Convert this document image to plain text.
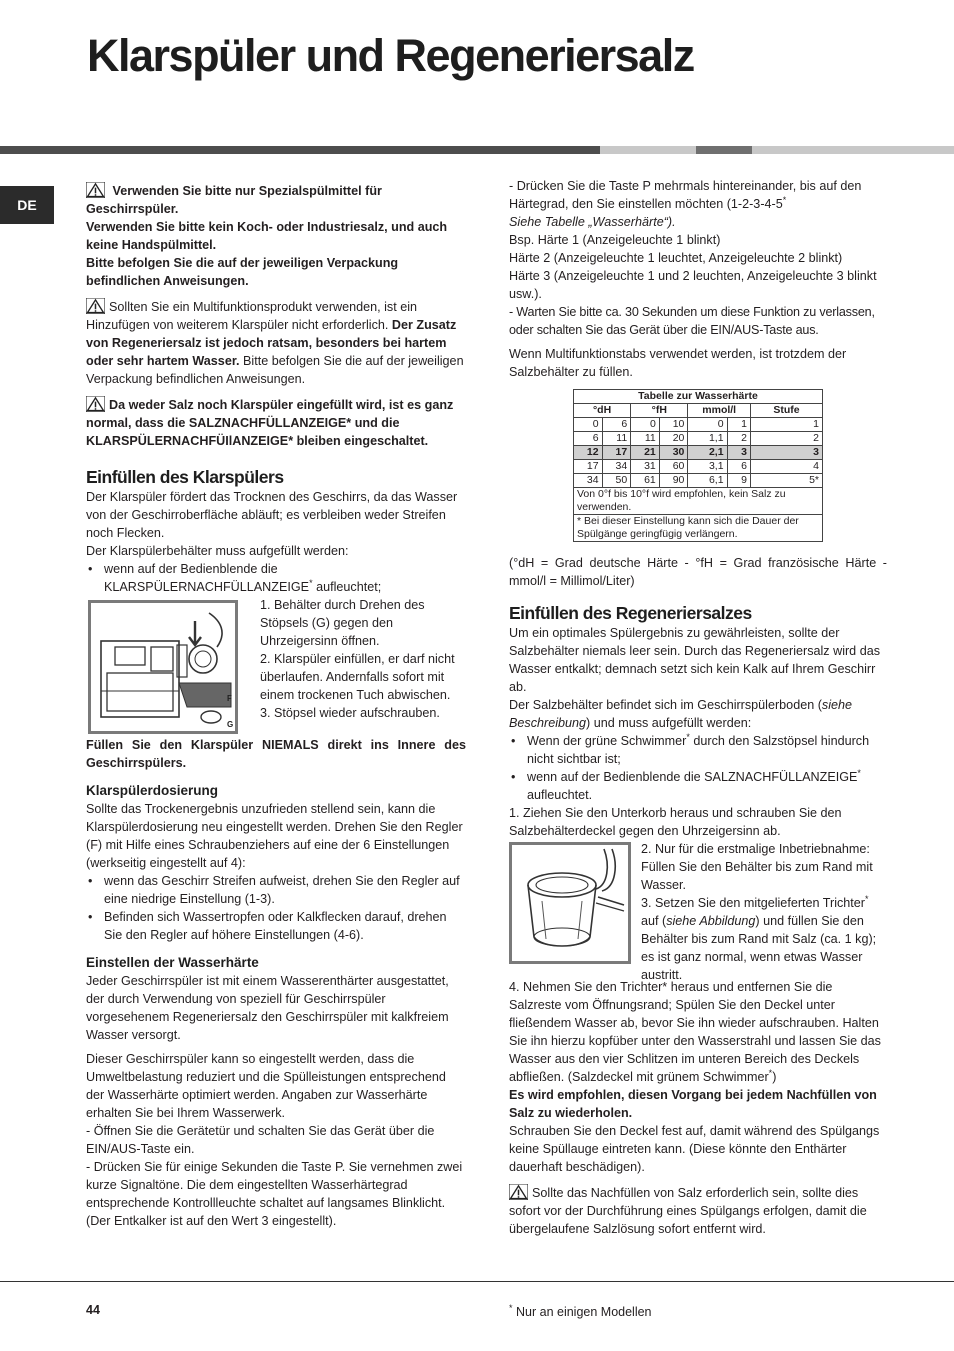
Klarspüler und Regeneriersalz
DE

Verwenden Sie bitte nur Spezialspülmittel für Geschirrspüler.
Verwenden Sie bitte kein Koch- oder Industriesalz, und auch keine Handspülmittel.
Bitte befolgen Sie die auf der jeweiligen Verpackung befindlichen Anweisungen.

Sollten Sie ein Multifunktionsprodukt verwenden, ist ein Hinzufügen von weiterem Klarspüler nicht erforderlich. Der Zusatz von Regeneriersalz ist jedoch ratsam, besonders bei hartem oder sehr hartem Wasser. Bitte befolgen Sie die auf der jeweiligen Verpackung befindlichen Anweisungen.

Da weder Salz noch Klarspüler eingefüllt wird, ist es ganz normal, dass die SALZNACHFÜLLANZEIGE* und die KLARSPÜLERNACHFÜIlANZEIGE* bleiben eingeschaltet.

Einfüllen des Klarspülers

Der Klarspüler fördert das Trocknen des Geschirrs, da das Wasser von der Geschirroberfläche abläuft; es verbleiben weder Streifen noch Flecken.

Der Klarspülerbehälter muss aufgefüllt werden:

• wenn auf der Bedienblende die KLARSPÜLERNACHFÜLLANZEIGE* aufleuchtet;

F
G

1. Behälter durch Drehen des Stöpsels (G) gegen den Uhrzeigersinn öffnen.

2. Klarspüler einfüllen, er darf nicht überlaufen. Andernfalls sofort mit einem trockenen Tuch abwischen.

3. Stöpsel wieder aufschrauben.

Füllen Sie den Klarspüler NIEMALS direkt ins Innere des Geschirrspülers.

Klarspülerdosierung

Sollte das Trockenergebnis unzufrieden stellend sein, kann die Klarspülerdosierung neu eingestellt werden. Drehen Sie den Regler (F) mit Hilfe eines Schraubenziehers auf eine der 6 Einstellungen (werkseitig eingestellt auf 4):

• wenn das Geschirr Streifen aufweist, drehen Sie den Regler auf eine niedrige Einstellung (1-3).

• Befinden sich Wassertropfen oder Kalkflecken darauf, drehen Sie den Regler auf höhere Einstellungen (4-6).

Einstellen der Wasserhärte

Jeder Geschirrspüler ist mit einem Wasserenthärter ausgestattet, der durch Verwendung von speziell für Geschirrspüler vorgesehenem Regeneriersalz den Geschirrspüler mit kalkfreiem Wasser versorgt.

Dieser Geschirrspüler kann so eingestellt werden, dass die Umweltbelastung reduziert und die Spülleistungen entsprechend der Wasserhärte optimiert werden. Angaben zur Wasserhärte erhalten Sie bei Ihrem Wasserwerk.

- Öffnen Sie die Gerätetür und schalten Sie das Gerät über die EIN/AUS-Taste ein.

- Drücken Sie für einige Sekunden die Taste P. Sie vernehmen zwei kurze Signaltöne. Die dem eingestellten Wasserhärtegrad entsprechende Kontrollleuchte schaltet auf langsames Blinklicht. (Der Entkalker ist auf den Wert 3 eingestellt).

- Drücken Sie die Taste P mehrmals hintereinander, bis auf den Härtegrad, den Sie einstellen möchten (1-2-3-4-5*
Siehe Tabelle „Wasserhärte“).

Bsp. Härte 1 (Anzeigeleuchte 1 blinkt)

Härte 2 (Anzeigeleuchte 1 leuchtet, Anzeigeleuchte 2 blinkt)

Härte 3 (Anzeigeleuchte 1 und 2 leuchten, Anzeigeleuchte 3 blinkt usw.).

- Warten Sie bitte ca. 30 Sekunden um diese Funktion zu verlassen, oder schalten Sie das Gerät über die EIN/AUS-Taste aus.

Wenn Multifunktionstabs verwendet werden, ist trotzdem der Salzbehälter zu füllen.

Tabelle zur Wasserhärte						
°dH		°fH		mmol/l		Stufe
0	6	0	10	0	1	1
6	11	11	20	1,1	2	2
12	17	21	30	2,1	3	3
17	34	31	60	3,1	6	4
34	50	61	90	6,1	9	5*
Von 0°f bis 10°f wird empfohlen, kein Salz zu verwenden.						
* Bei dieser Einstellung kann sich die Dauer der Spülgänge geringfügig verlängern.						

(°dH = Grad deutsche Härte - °fH = Grad französische Härte - mmol/l = Millimol/Liter)

Einfüllen des Regeneriersalzes

Um ein optimales Spülergebnis zu gewährleisten, sollte der Salzbehälter niemals leer sein. Durch das Regeneriersalz wird das Wasser entkalkt; demnach setzt sich kein Kalk auf Ihrem Geschirr ab.

Der Salzbehälter befindet sich im Geschirrspülerboden (siehe Beschreibung) und muss aufgefüllt werden:

• Wenn der grüne Schwimmer* durch den Salzstöpsel hindurch nicht sichtbar ist;

• wenn auf der Bedienblende die SALZNACHFÜLLANZEIGE* aufleuchtet.

1. Ziehen Sie den Unterkorb heraus und schrauben Sie den Salzbehälterdeckel gegen den Uhrzeigersinn ab.

2. Nur für die erstmalige Inbetriebnahme: Füllen Sie den Behälter bis zum Rand mit Wasser.

3. Setzen Sie den mitgelieferten Trichter* auf (siehe Abbildung) und füllen Sie den Behälter bis zum Rand mit Salz (ca. 1 kg); es ist ganz normal, wenn etwas Wasser austritt.

4. Nehmen Sie den Trichter* heraus und entfernen Sie die Salzreste vom Öffnungsrand; Spülen Sie den Deckel unter fließendem Wasser ab, bevor Sie ihn wieder aufschrauben. Halten Sie ihn hierzu kopfüber unter den Wasserstrahl und lassen Sie das Wasser aus den vier Schlitzen im unteren Bereich des Deckels abfließen. (Salzdeckel mit grünem Schwimmer*)

Es wird empfohlen, diesen Vorgang bei jedem Nachfüllen von Salz zu wiederholen.

Schrauben Sie den Deckel fest auf, damit während des Spülgangs keine Spüllauge eintreten kann. (Diese könnte den Enthärter dauerhaft beschädigen).

Sollte das Nachfüllen von Salz erforderlich sein, sollte dies sofort vor der Durchführung eines Spülgangs erfolgen, damit die übergelaufene Salzlösung sofort entfernt wird.

44	* Nur an einigen Modellen
